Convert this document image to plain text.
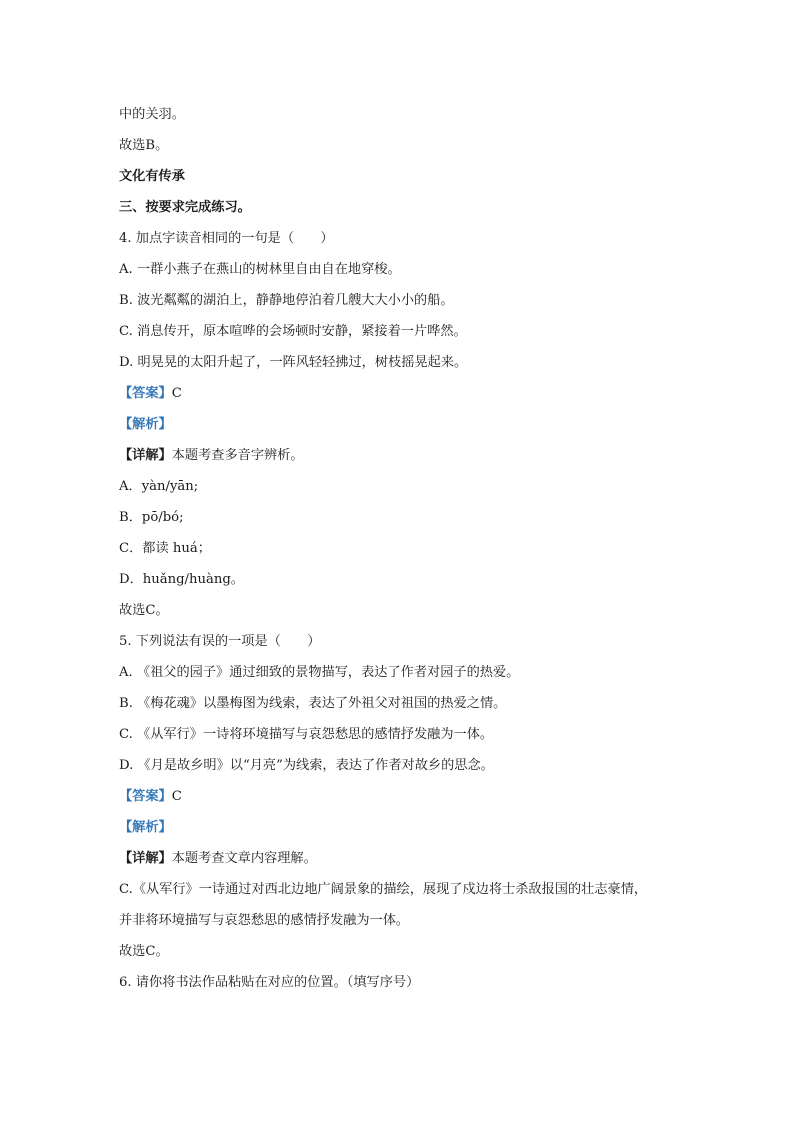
中的关羽。
故选B。
文化有传承
三、按要求完成练习。
4. 加点字读音相同的一句是（　　）
A. 一群小燕子在燕山的树林里自由自在地穿梭。
B. 波光粼粼的湖泊上，静静地停泊着几艘大大小小的船。
C. 消息传开，原本喧哗的会场顿时安静，紧接着一片哗然。
D. 明晃晃的太阳升起了，一阵风轻轻拂过，树枝摇晃起来。
【答案】C
【解析】
【详解】本题考查多音字辨析。
A．yàn/yān;
B．pō/bó;
C．都读 huá；
D．huǎng/huàng。
故选C。
5. 下列说法有误的一项是（　　）
A. 《祖父的园子》通过细致的景物描写，表达了作者对园子的热爱。
B. 《梅花魂》以墨梅图为线索，表达了外祖父对祖国的热爱之情。
C. 《从军行》一诗将环境描写与哀怨愁思的感情抒发融为一体。
D. 《月是故乡明》以“月亮”为线索，表达了作者对故乡的思念。
【答案】C
【解析】
【详解】本题考查文章内容理解。
C.《从军行》一诗通过对西北边地广阔景象的描绘，展现了戍边将士杀敌报国的壮志豪情，
并非将环境描写与哀怨愁思的感情抒发融为一体。
故选C。
6. 请你将书法作品粘贴在对应的位置。（填写序号）
